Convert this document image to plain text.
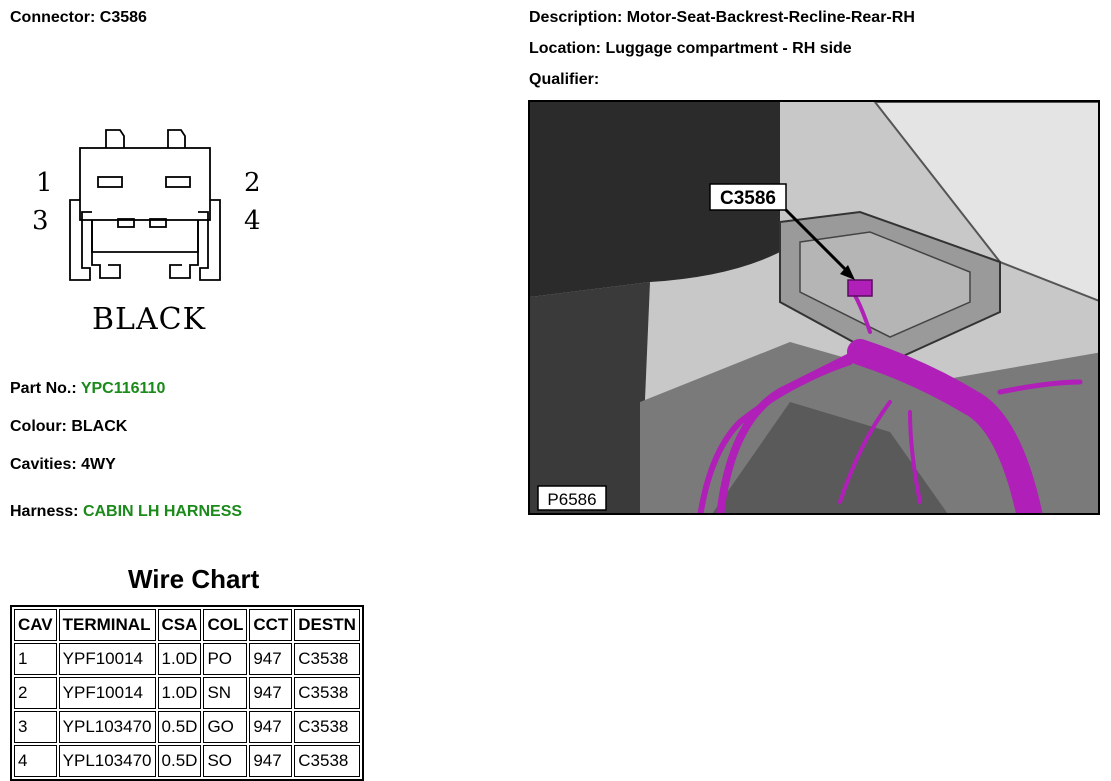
Connector: C3586	Description: Motor-Seat-Backrest-Recline-Rear-RH
Location: Luggage compartment - RH side
Qualifier:
1	2
3	4
BLACK
Part No.: YPC116110
Colour: BLACK
Cavities: 4WY
Harness: CABIN LH HARNESS
C3586
P6586
Wire Chart
CAV	TERMINAL	CSA	COL	CCT	DESTN
1	YPF10014	1.0D	PO	947	C3538
2	YPF10014	1.0D	SN	947	C3538
3	YPL103470	0.5D	GO	947	C3538
4	YPL103470	0.5D	SO	947	C3538
